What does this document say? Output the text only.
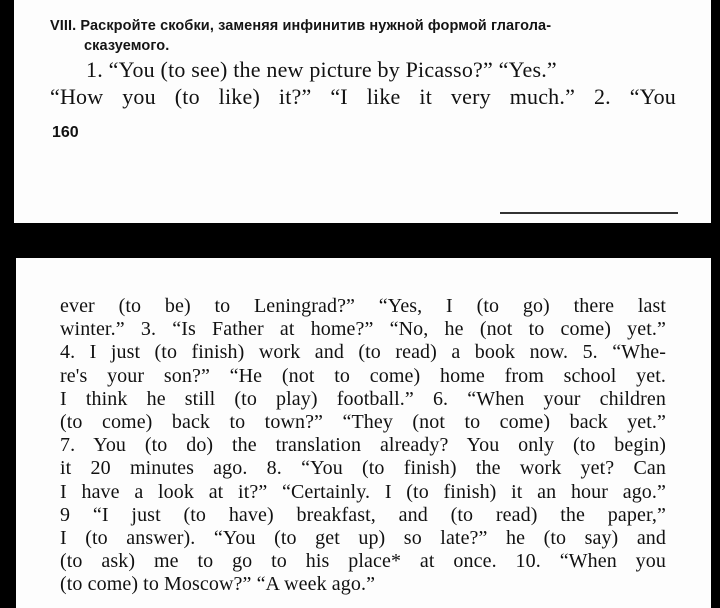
VIII. Раскройте скобки, заменяя инфинитив нужной формой глагола-
сказуемого.
1. “You (to see) the new picture by Picasso?” “Yes.”
“How you (to like) it?” “I like it very much.” 2. “You
160
ever (to be) to Leningrad?” “Yes, I (to go) there last
winter.” 3. “Is Father at home?” “No, he (not to come) yet.”
4. I just (to finish) work and (to read) a book now. 5. “Whe-
re's your son?” “He (not to come) home from school yet.
I think he still (to play) football.” 6. “When your children
(to come) back to town?” “They (not to come) back yet.”
7. You (to do) the translation already? You only (to begin)
it 20 minutes ago. 8. “You (to finish) the work yet? Can
I have a look at it?” “Certainly. I (to finish) it an hour ago.”
9 “I just (to have) breakfast, and (to read) the paper,”
I (to answer). “You (to get up) so late?” he (to say) and
(to ask) me to go to his place* at once. 10. “When you
(to come) to Moscow?” “A week ago.”
